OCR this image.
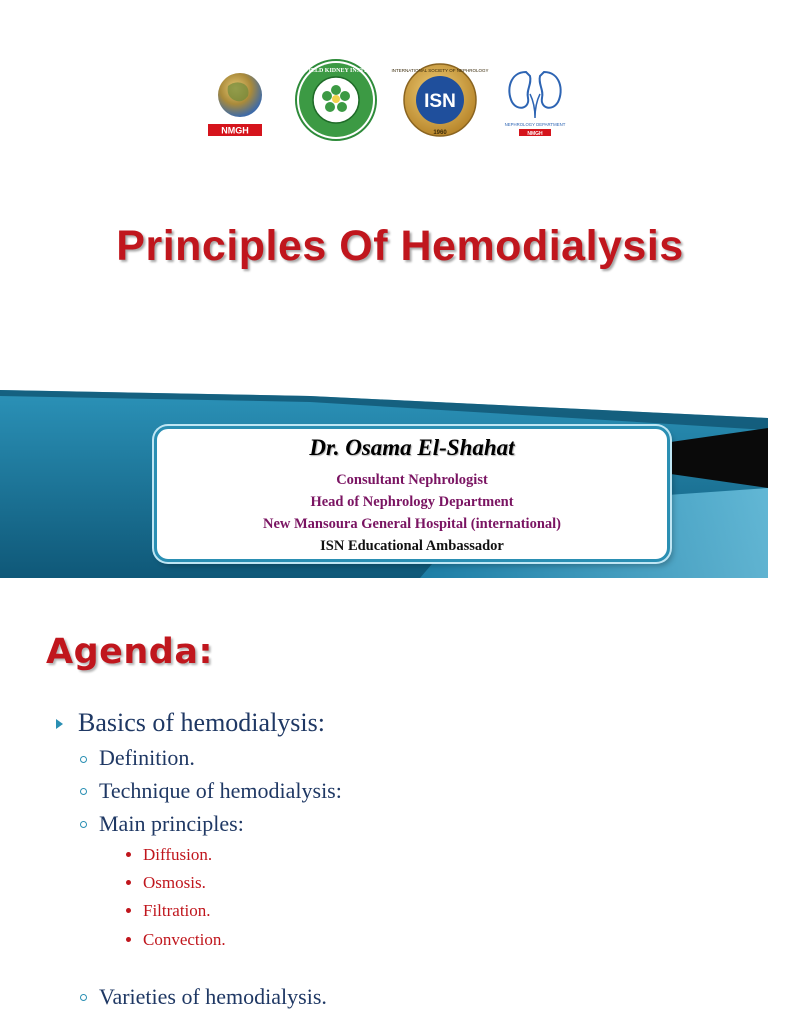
NMGH
SHEFFIELD KIDNEY INSTITUTE
ISN
INTERNATIONAL SOCIETY OF NEPHROLOGY
1960
NEPHROLOGY DEPARTMENT
NMGH
Principles Of Hemodialysis
Dr. Osama El-Shahat
Consultant Nephrologist
Head of Nephrology Department
New Mansoura General Hospital (international)
ISN Educational Ambassador
Agenda:
Basics of hemodialysis:
Definition.
Technique of hemodialysis:
Main principles:
Diffusion.
Osmosis.
Filtration.
Convection.
Varieties of hemodialysis.
